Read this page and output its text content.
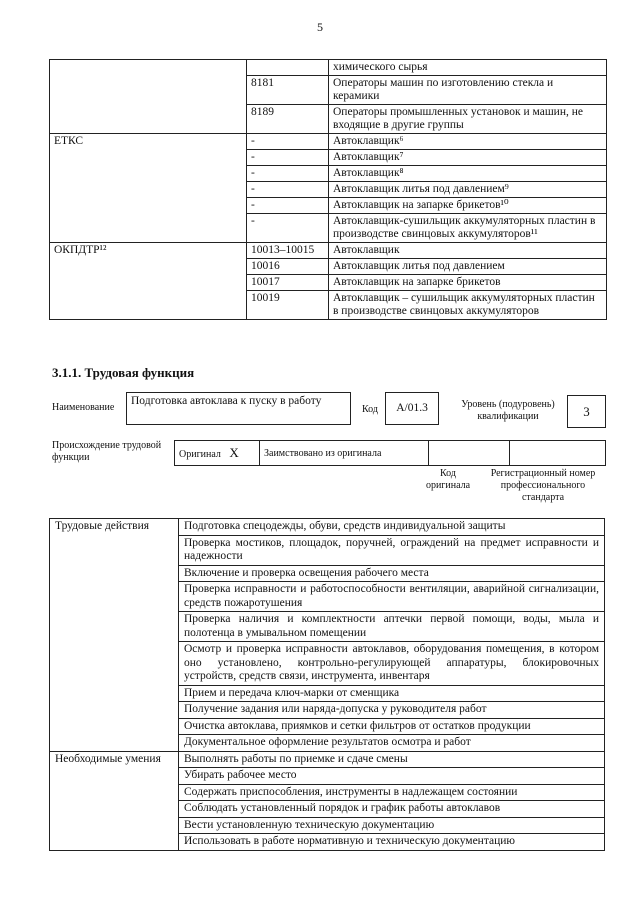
5
		химического сырья
	8181	Операторы машин по изготовлению стекла и керамики
	8189	Операторы промышленных установок и машин, не входящие в другие группы
ЕТКС	-	Автоклавщик⁶
	-	Автоклавщик⁷
	-	Автоклавщик⁸
	-	Автоклавщик литья под давлением⁹
	-	Автоклавщик на запарке брикетов¹⁰
	-	Автоклавщик-сушильщик аккумуляторных пластин в производстве свинцовых аккумуляторов¹¹
ОКПДТР¹²	10013–10015	Автоклавщик
	10016	Автоклавщик литья под давлением
	10017	Автоклавщик на запарке брикетов
	10019	Автоклавщик – сушильщик аккумуляторных пластин в производстве свинцовых аккумуляторов
3.1.1. Трудовая функция
Наименование
Подготовка автоклава к пуску в работу
Код	А/01.3	Уровень (подуровень) квалификации	3
Происхождение трудовой функции	Оригинал X	Заимствовано из оригинала		
Код оригинала
Регистрационный номер профессионального стандарта
Трудовые действия	Подготовка спецодежды, обуви, средств индивидуальной защиты
	Проверка мостиков, площадок, поручней, ограждений на предмет исправности и надежности
	Включение и проверка освещения рабочего места
	Проверка исправности и работоспособности вентиляции, аварийной сигнализации, средств пожаротушения
	Проверка наличия и комплектности аптечки первой помощи, воды, мыла и полотенца в умывальном помещении
	Осмотр и проверка исправности автоклавов, оборудования помещения, в котором оно установлено, контрольно-регулирующей аппаратуры, блокировочных устройств, средств связи, инструмента, инвентаря
	Прием и передача ключ-марки от сменщика
	Получение задания или наряда-допуска у руководителя работ
	Очистка автоклава, приямков и сетки фильтров от остатков продукции
	Документальное оформление результатов осмотра и работ
Необходимые умения	Выполнять работы по приемке и сдаче смены
	Убирать рабочее место
	Содержать приспособления, инструменты в надлежащем состоянии
	Соблюдать установленный порядок и график работы автоклавов
	Вести установленную техническую документацию
	Использовать в работе нормативную и техническую документацию
